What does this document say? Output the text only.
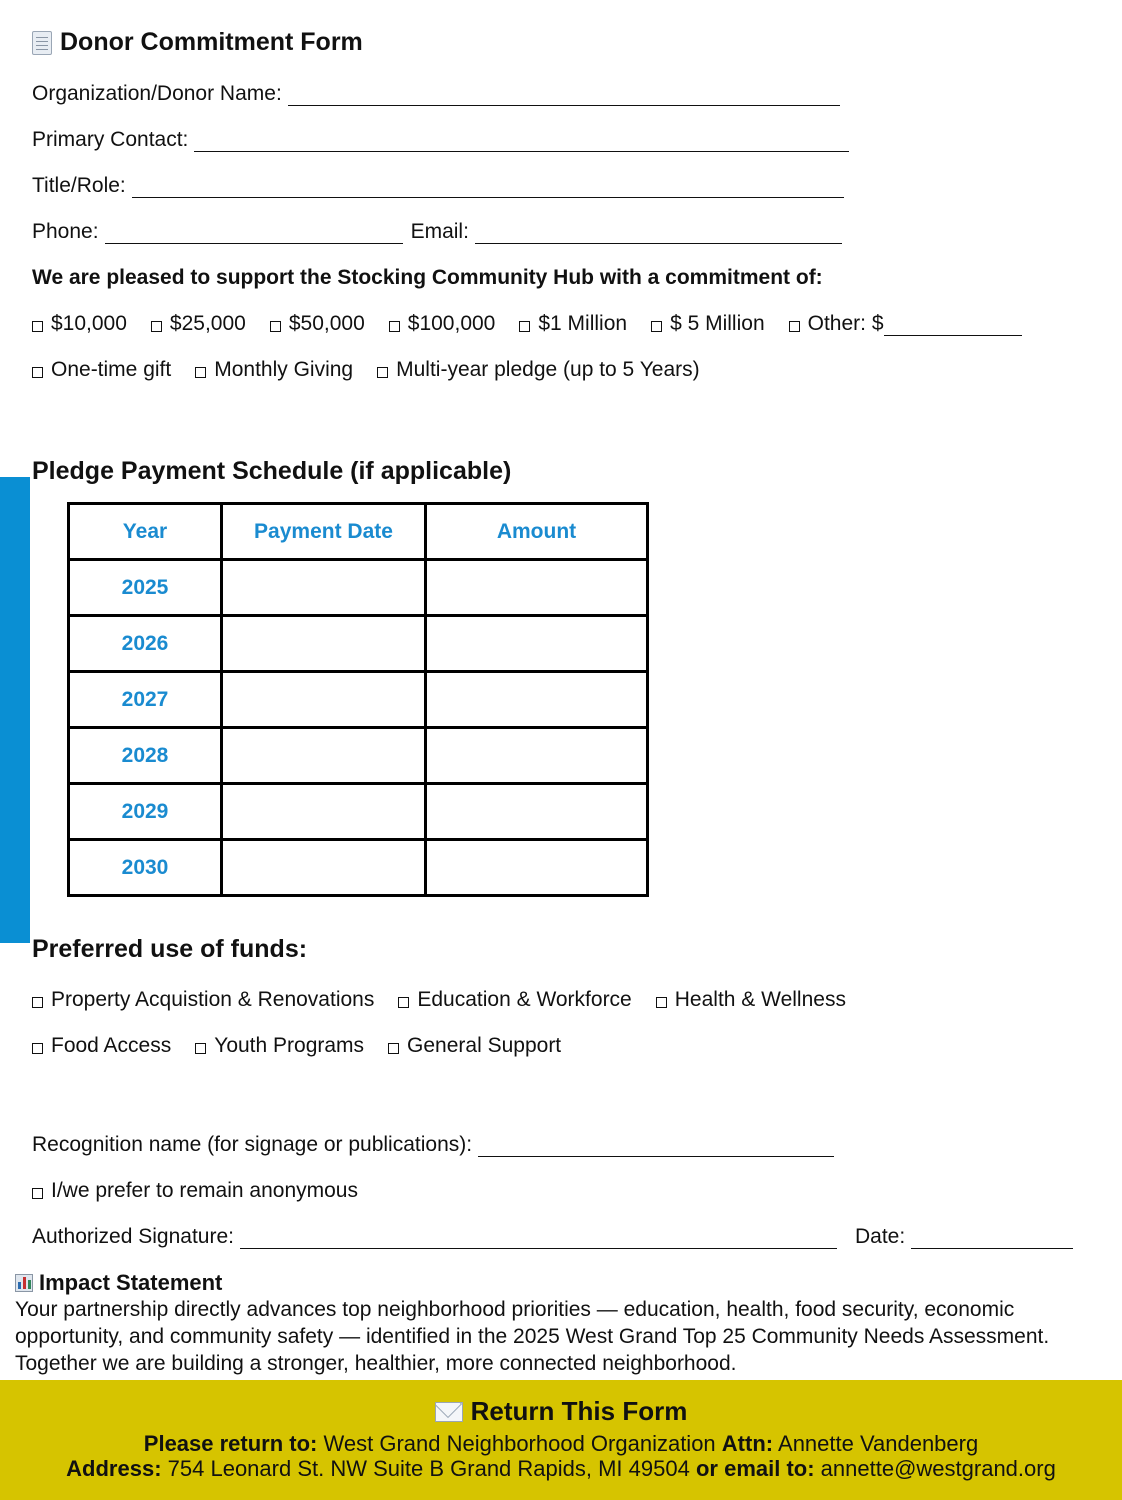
Donor Commitment Form
Organization/Donor Name:
Primary Contact:
Title/Role:
Phone:	Email:
We are pleased to support the Stocking Community Hub with a commitment of:
$10,000 $25,000 $50,000 $100,000 $1 Million $ 5 Million Other: $
One-time gift Monthly Giving Multi-year pledge (up to 5 Years)
Pledge Payment Schedule (if applicable)
Year	Payment Date	Amount
2025		
2026		
2027		
2028		
2029		
2030		
Preferred use of funds:
Property Acquistion & Renovations Education & Workforce Health & Wellness
Food Access Youth Programs General Support
Recognition name (for signage or publications):
I/we prefer to remain anonymous
Authorized Signature:	Date:
Impact Statement
Your partnership directly advances top neighborhood priorities — education, health, food security, economic opportunity, and community safety — identified in the 2025 West Grand Top 25 Community Needs Assessment. Together we are building a stronger, healthier, more connected neighborhood.
Return This Form
Please return to: West Grand Neighborhood Organization Attn: Annette Vandenberg
Address: 754 Leonard St. NW Suite B Grand Rapids, MI 49504 or email to: annette@westgrand.org
